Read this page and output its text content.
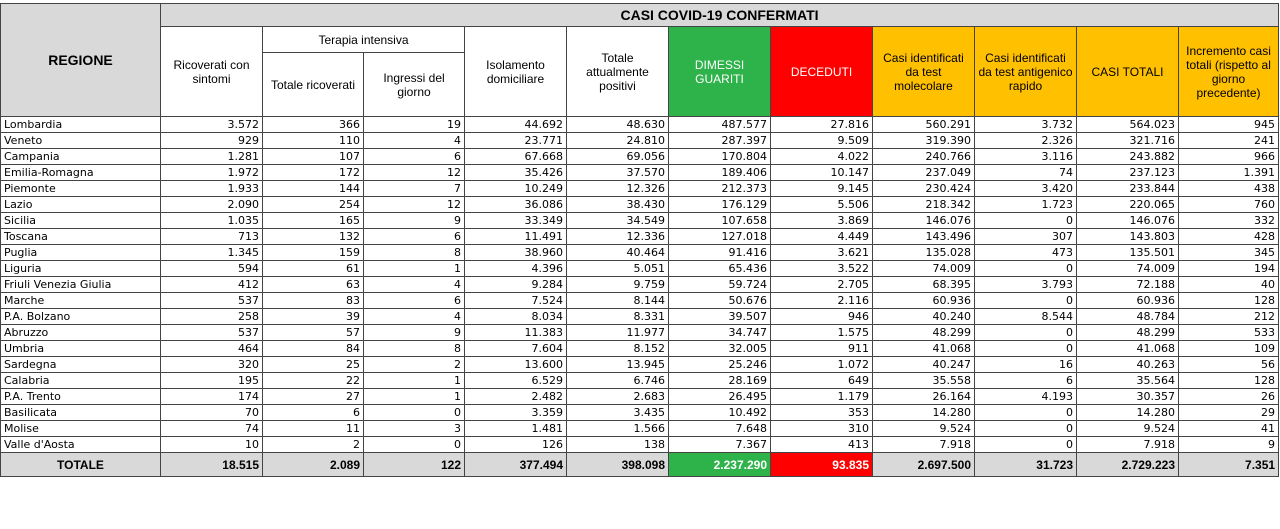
REGIONE	CASI COVID-19 CONFERMATI										
	Ricoverati con sintomi	Terapia intensiva		Isolamento domiciliare	Totale attualmente positivi	DIMESSI GUARITI	DECEDUTI	Casi identificati da test molecolare	Casi identificati da test antigenico rapido	CASI TOTALI	Incremento casi totali (rispetto al giorno precedente)
		Totale ricoverati	Ingressi del giorno								
Lombardia	3.572	366	19	44.692	48.630	487.577	27.816	560.291	3.732	564.023	945
Veneto	929	110	4	23.771	24.810	287.397	9.509	319.390	2.326	321.716	241
Campania	1.281	107	6	67.668	69.056	170.804	4.022	240.766	3.116	243.882	966
Emilia-Romagna	1.972	172	12	35.426	37.570	189.406	10.147	237.049	74	237.123	1.391
Piemonte	1.933	144	7	10.249	12.326	212.373	9.145	230.424	3.420	233.844	438
Lazio	2.090	254	12	36.086	38.430	176.129	5.506	218.342	1.723	220.065	760
Sicilia	1.035	165	9	33.349	34.549	107.658	3.869	146.076	0	146.076	332
Toscana	713	132	6	11.491	12.336	127.018	4.449	143.496	307	143.803	428
Puglia	1.345	159	8	38.960	40.464	91.416	3.621	135.028	473	135.501	345
Liguria	594	61	1	4.396	5.051	65.436	3.522	74.009	0	74.009	194
Friuli Venezia Giulia	412	63	4	9.284	9.759	59.724	2.705	68.395	3.793	72.188	40
Marche	537	83	6	7.524	8.144	50.676	2.116	60.936	0	60.936	128
P.A. Bolzano	258	39	4	8.034	8.331	39.507	946	40.240	8.544	48.784	212
Abruzzo	537	57	9	11.383	11.977	34.747	1.575	48.299	0	48.299	533
Umbria	464	84	8	7.604	8.152	32.005	911	41.068	0	41.068	109
Sardegna	320	25	2	13.600	13.945	25.246	1.072	40.247	16	40.263	56
Calabria	195	22	1	6.529	6.746	28.169	649	35.558	6	35.564	128
P.A. Trento	174	27	1	2.482	2.683	26.495	1.179	26.164	4.193	30.357	26
Basilicata	70	6	0	3.359	3.435	10.492	353	14.280	0	14.280	29
Molise	74	11	3	1.481	1.566	7.648	310	9.524	0	9.524	41
Valle d'Aosta	10	2	0	126	138	7.367	413	7.918	0	7.918	9
TOTALE	18.515	2.089	122	377.494	398.098	2.237.290	93.835	2.697.500	31.723	2.729.223	7.351
